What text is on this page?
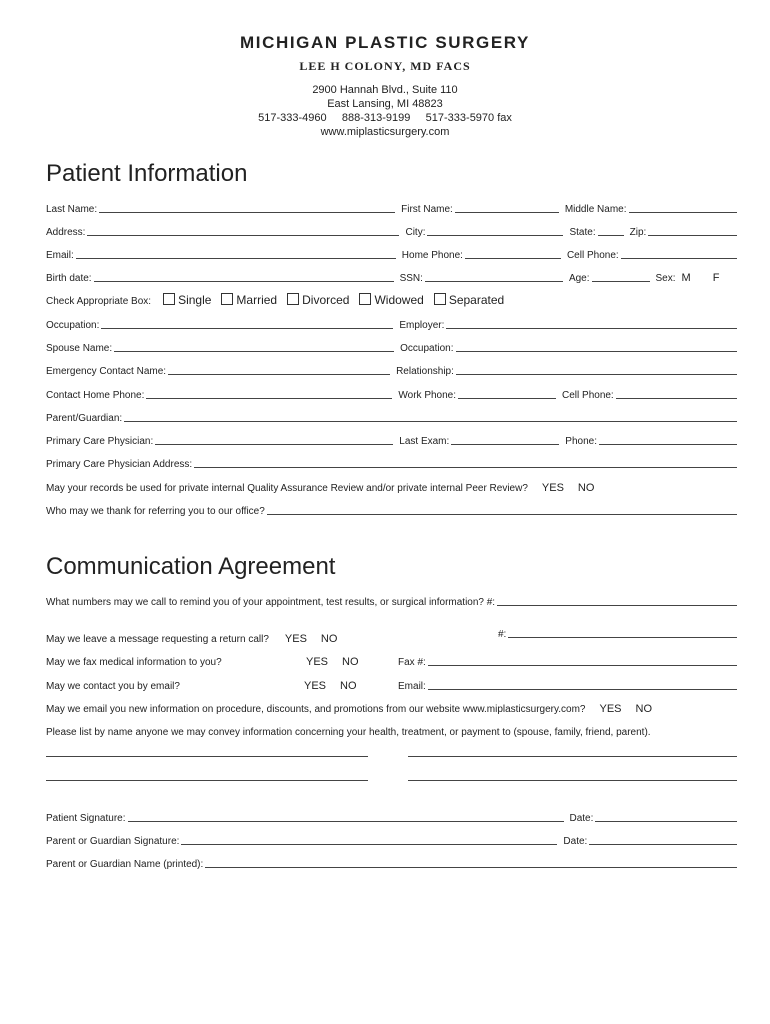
MICHIGAN PLASTIC SURGERY
LEE H COLONY, MD FACS
2900 Hannah Blvd., Suite 110
East Lansing, MI 48823
517-333-4960     888-313-9199     517-333-5970 fax
www.miplasticsurgery.com
Patient Information
Last Name:	First Name:	Middle Name:
Address:	City:	State:	Zip:
Email:	Home Phone:	Cell Phone:
Birth date:	SSN:	Age:	Sex: M F
Check Appropriate Box: Single Married Divorced Widowed Separated
Occupation:	Employer:
Spouse Name:	Occupation:
Emergency Contact Name:	Relationship:
Contact Home Phone:	Work Phone:	Cell Phone:
Parent/Guardian:
Primary Care Physician:	Last Exam:	Phone:
Primary Care Physician Address:
May your records be used for private internal Quality Assurance Review and/or private internal Peer Review? YES NO
Who may we thank for referring you to our office?
Communication Agreement
What numbers may we call to remind you of your appointment, test results, or surgical information? #:
#:
May we leave a message requesting a return call? YES NO
May we fax medical information to you?	YES NO	Fax #:
May we contact you by email?	YES NO	Email:
May we email you new information on procedure, discounts, and promotions from our website www.miplasticsurgery.com? YES NO
Please list by name anyone we may convey information concerning your health, treatment, or payment to (spouse, family, friend, parent).
Patient Signature:	Date:
Parent or Guardian Signature:	Date:
Parent or Guardian Name (printed):
